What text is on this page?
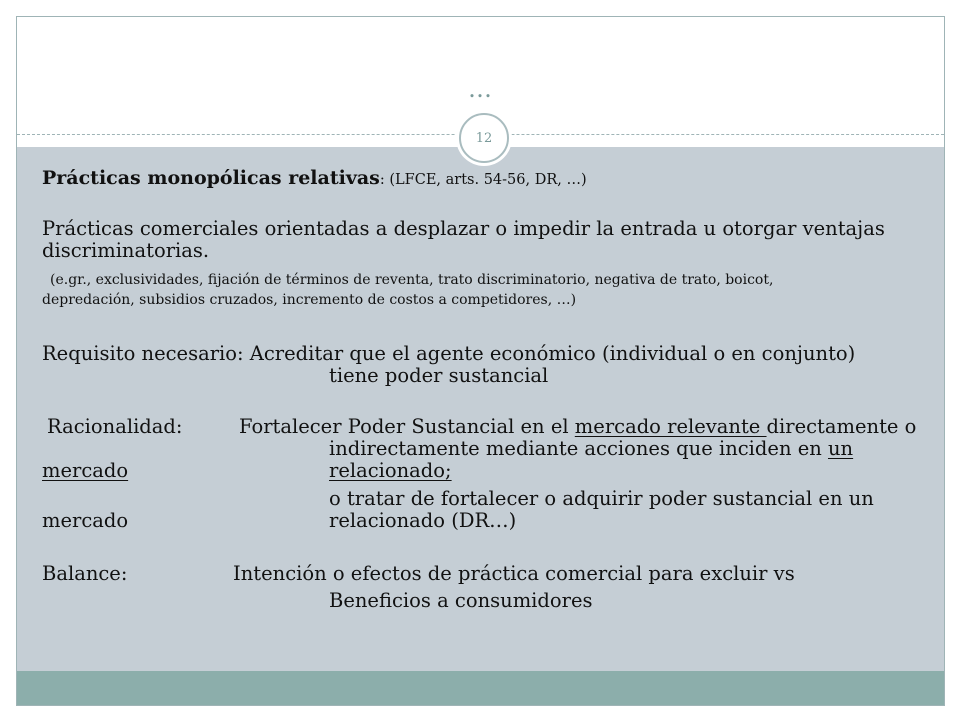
…
12
Prácticas monopólicas relativas: (LFCE, arts. 54-56, DR, …)
Prácticas comerciales orientadas a desplazar o impedir la entrada u otorgar ventajas
discriminatorias.
(e.gr., exclusividades, fijación de términos de reventa, trato discriminatorio, negativa de trato, boicot,
depredación, subsidios cruzados, incremento de costos a competidores, …)
Requisito necesario: Acreditar que el agente económico (individual o en conjunto)
tiene poder sustancial
Racionalidad:	Fortalecer Poder Sustancial en el mercado relevante directamente o
indirectamente mediante acciones que inciden en un
mercado	relacionado;
o tratar de fortalecer o adquirir poder sustancial en un
mercado	relacionado (DR…)
Balance:	Intención o efectos de práctica comercial para excluir vs
Beneficios a consumidores
